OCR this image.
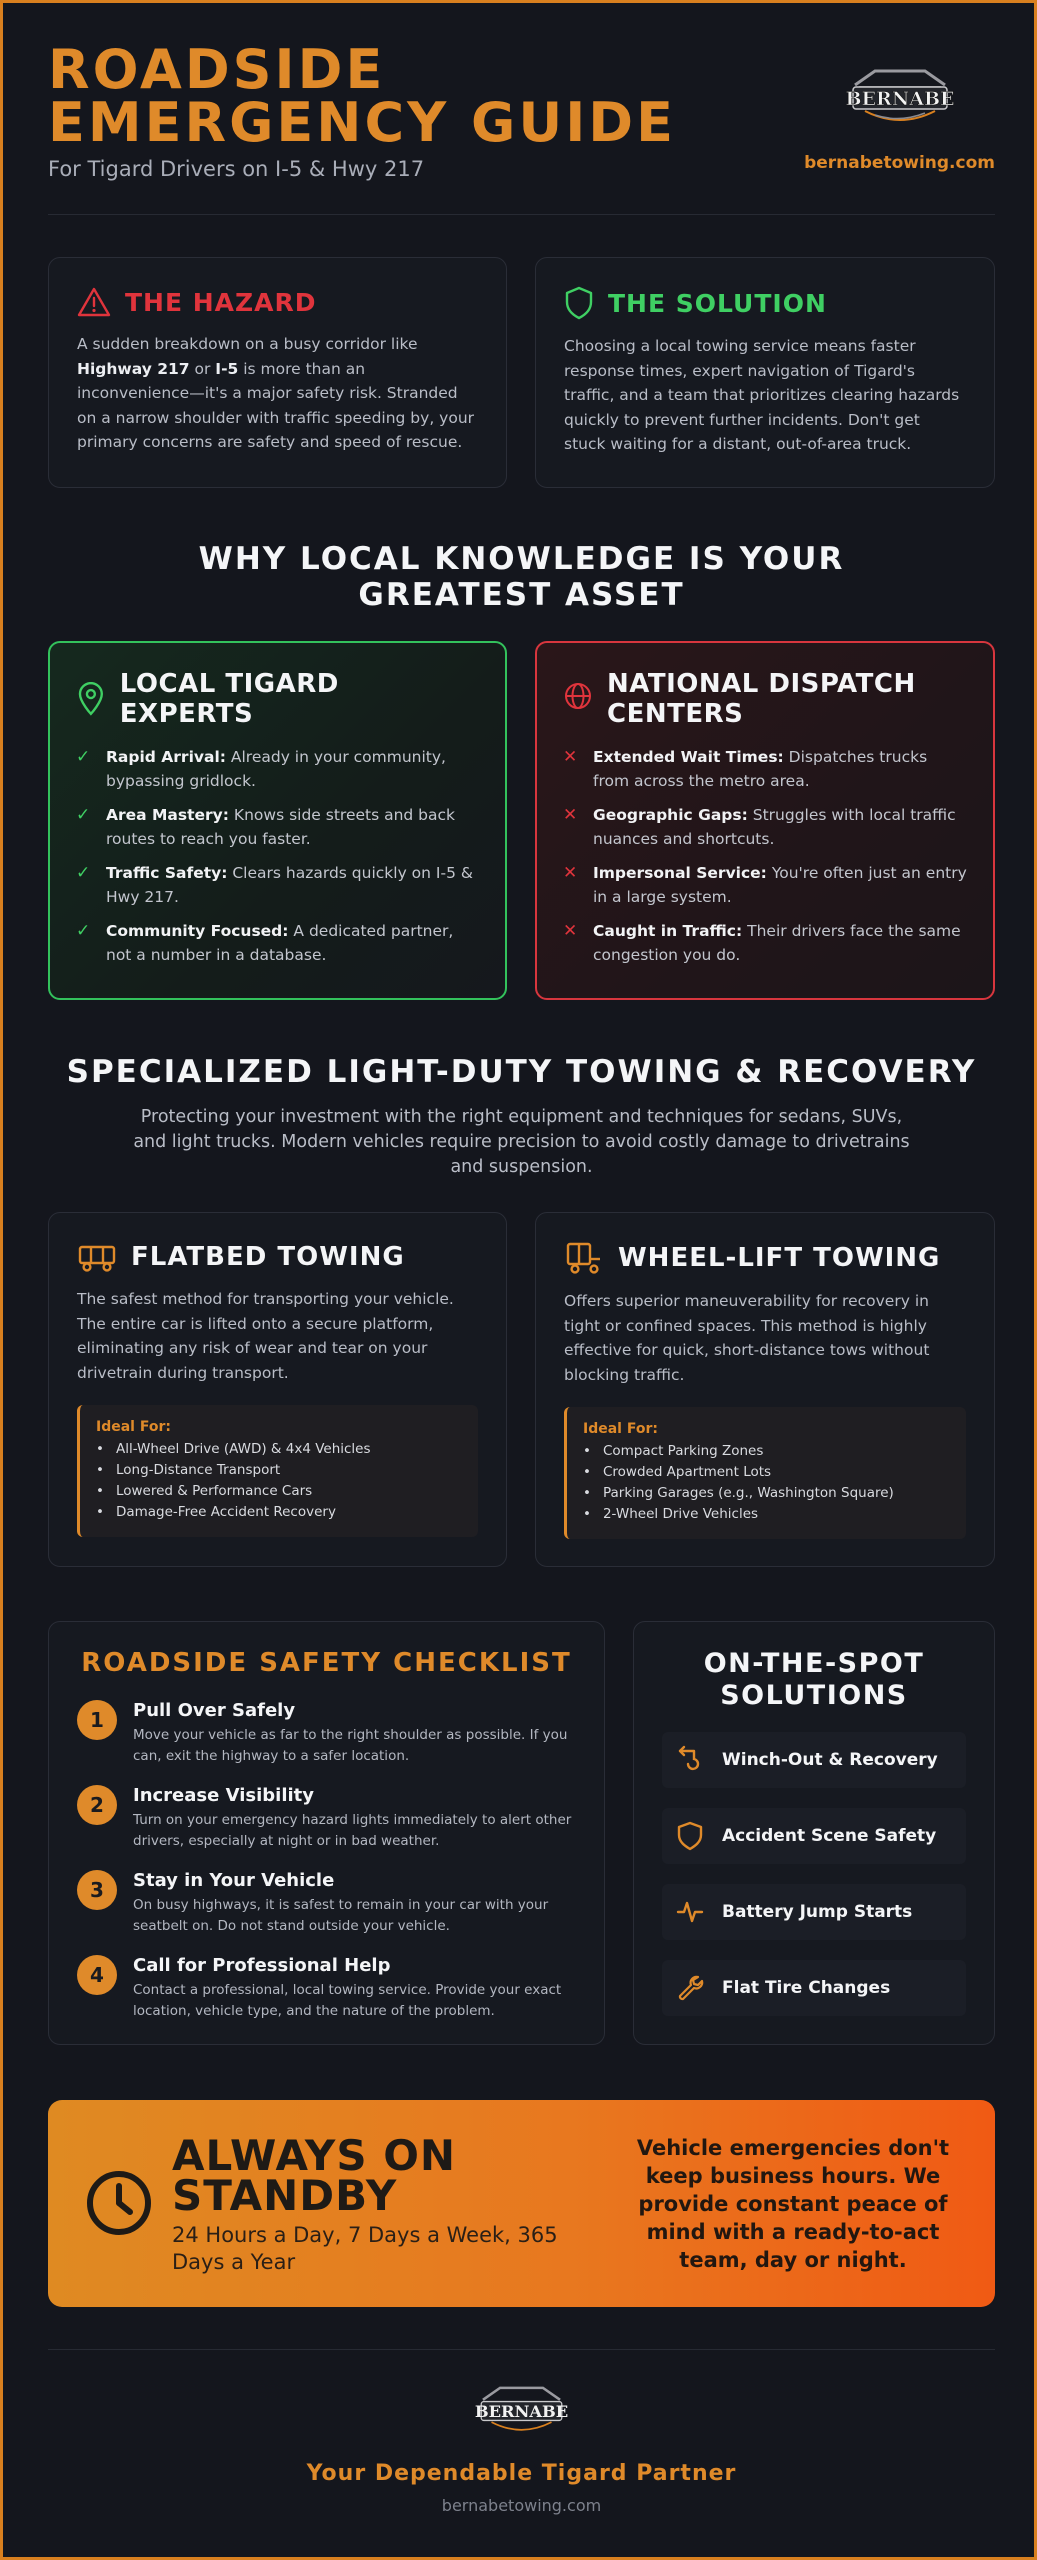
ROADSIDE EMERGENCY GUIDE
For Tigard Drivers on I-5 & Hwy 217
BERNABE
bernabetowing.com
THE HAZARD

A sudden breakdown on a busy corridor like Highway 217 or I-5 is more than an inconvenience—it's a major safety risk. Stranded on a narrow shoulder with traffic speeding by, your primary concerns are safety and speed of rescue.

THE SOLUTION

Choosing a local towing service means faster response times, expert navigation of Tigard's traffic, and a team that prioritizes clearing hazards quickly to prevent further incidents. Don't get stuck waiting for a distant, out-of-area truck.

WHY LOCAL KNOWLEDGE IS YOUR GREATEST ASSET
LOCAL TIGARD EXPERTS
✓ Rapid Arrival: Already in your community, bypassing gridlock.
✓ Area Mastery: Knows side streets and back routes to reach you faster.
✓ Traffic Safety: Clears hazards quickly on I-5 & Hwy 217.
✓ Community Focused: A dedicated partner, not a number in a database.
NATIONAL DISPATCH CENTERS
✕ Extended Wait Times: Dispatches trucks from across the metro area.
✕ Geographic Gaps: Struggles with local traffic nuances and shortcuts.
✕ Impersonal Service: You're often just an entry in a large system.
✕ Caught in Traffic: Their drivers face the same congestion you do.
SPECIALIZED LIGHT-DUTY TOWING & RECOVERY
Protecting your investment with the right equipment and techniques for sedans, SUVs, and light trucks. Modern vehicles require precision to avoid costly damage to drivetrains and suspension.
FLATBED TOWING

The safest method for transporting your vehicle. The entire car is lifted onto a secure platform, eliminating any risk of wear and tear on your drivetrain during transport.

Ideal For:
• All-Wheel Drive (AWD) & 4x4 Vehicles
• Long-Distance Transport
• Lowered & Performance Cars
• Damage-Free Accident Recovery
WHEEL-LIFT TOWING

Offers superior maneuverability for recovery in tight or confined spaces. This method is highly effective for quick, short-distance tows without blocking traffic.

Ideal For:
• Compact Parking Zones
• Crowded Apartment Lots
• Parking Garages (e.g., Washington Square)
• 2-Wheel Drive Vehicles
ROADSIDE SAFETY CHECKLIST
1	Pull Over Safely
Move your vehicle as far to the right shoulder as possible. If you can, exit the highway to a safer location.
2	Increase Visibility
Turn on your emergency hazard lights immediately to alert other drivers, especially at night or in bad weather.
3	Stay in Your Vehicle
On busy highways, it is safest to remain in your car with your seatbelt on. Do not stand outside your vehicle.
4	Call for Professional Help
Contact a professional, local towing service. Provide your exact location, vehicle type, and the nature of the problem.
ON-THE-SPOT SOLUTIONS
Winch-Out & Recovery
Accident Scene Safety
Battery Jump Starts
Flat Tire Changes
ALWAYS ON STANDBY
24 Hours a Day, 7 Days a Week, 365 Days a Year
Vehicle emergencies don't keep business hours. We provide constant peace of mind with a ready-to-act team, day or night.
BERNABE
Your Dependable Tigard Partner
bernabetowing.com
